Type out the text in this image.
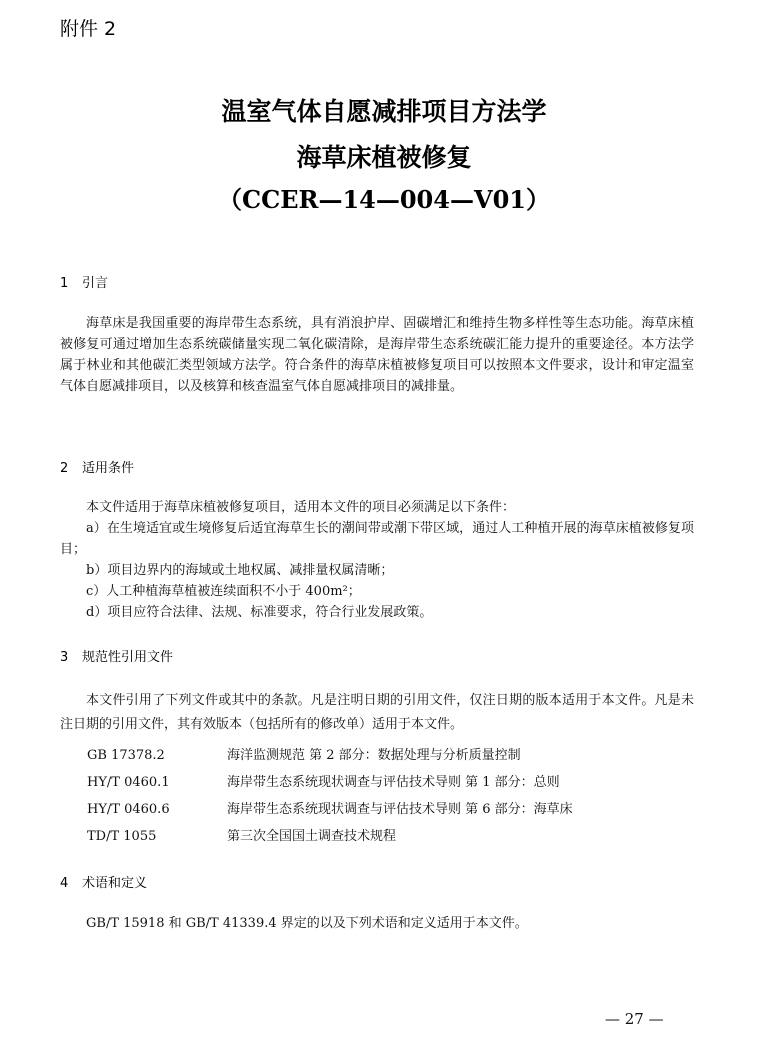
附件 2
温室气体自愿减排项目方法学
海草床植被修复
（CCER—14—004—V01）
1 引言
海草床是我国重要的海岸带生态系统，具有消浪护岸、固碳增汇和维持生物多样性等生态功能。海草床植被修复可通过增加生态系统碳储量实现二氧化碳清除，是海岸带生态系统碳汇能力提升的重要途径。本方法学属于林业和其他碳汇类型领域方法学。符合条件的海草床植被修复项目可以按照本文件要求，设计和审定温室气体自愿减排项目，以及核算和核查温室气体自愿减排项目的减排量。
2 适用条件
本文件适用于海草床植被修复项目，适用本文件的项目必须满足以下条件：
a）在生境适宜或生境修复后适宜海草生长的潮间带或潮下带区域，通过人工种植开展的海草床植被修复项目；
b）项目边界内的海域或土地权属、减排量权属清晰；
c）人工种植海草植被连续面积不小于 400m²；
d）项目应符合法律、法规、标准要求，符合行业发展政策。
3 规范性引用文件
本文件引用了下列文件或其中的条款。凡是注明日期的引用文件，仅注日期的版本适用于本文件。凡是未注日期的引用文件，其有效版本（包括所有的修改单）适用于本文件。
GB 17378.2	海洋监测规范 第 2 部分：数据处理与分析质量控制
HY/T 0460.1	海岸带生态系统现状调查与评估技术导则 第 1 部分：总则
HY/T 0460.6	海岸带生态系统现状调查与评估技术导则 第 6 部分：海草床
TD/T 1055	第三次全国国土调查技术规程
4 术语和定义
GB/T 15918 和 GB/T 41339.4 界定的以及下列术语和定义适用于本文件。
— 27 —
